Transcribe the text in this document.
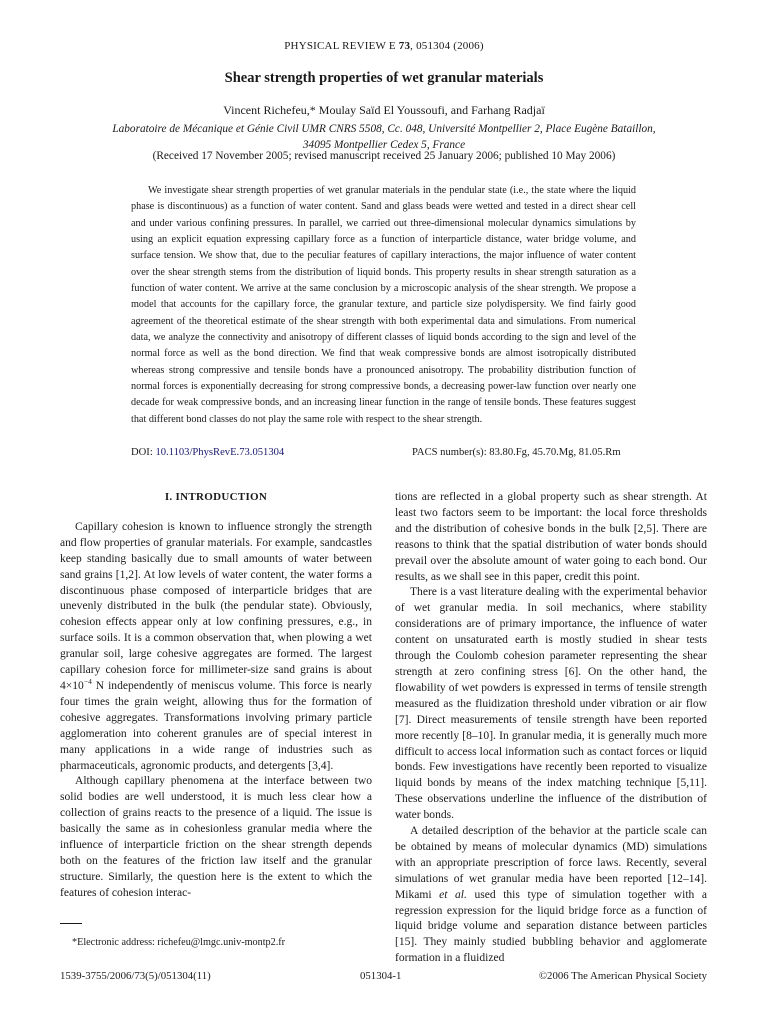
PHYSICAL REVIEW E 73, 051304 (2006)
Shear strength properties of wet granular materials
Vincent Richefeu,* Moulay Saïd El Youssoufi, and Farhang Radjaï
Laboratoire de Mécanique et Génie Civil UMR CNRS 5508, Cc. 048, Université Montpellier 2, Place Eugène Bataillon,
34095 Montpellier Cedex 5, France
(Received 17 November 2005; revised manuscript received 25 January 2006; published 10 May 2006)

We investigate shear strength properties of wet granular materials in the pendular state (i.e., the state where the liquid phase is discontinuous) as a function of water content. Sand and glass beads were wetted and tested in a direct shear cell and under various confining pressures. In parallel, we carried out three-dimensional molecular dynamics simulations by using an explicit equation expressing capillary force as a function of interparticle distance, water bridge volume, and surface tension. We show that, due to the peculiar features of capillary interactions, the major influence of water content over the shear strength stems from the distribution of liquid bonds. This property results in shear strength saturation as a function of water content. We arrive at the same conclusion by a microscopic analysis of the shear strength. We propose a model that accounts for the capillary force, the granular texture, and particle size polydispersity. We find fairly good agreement of the theoretical estimate of the shear strength with both experimental data and simulations. From numerical data, we analyze the connectivity and anisotropy of different classes of liquid bonds according to the sign and level of the normal force as well as the bond direction. We find that weak compressive bonds are almost isotropically distributed whereas strong compressive and tensile bonds have a pronounced anisotropy. The probability distribution function of normal forces is exponentially decreasing for strong compressive bonds, a decreasing power-law function over nearly one decade for weak compressive bonds, and an increasing linear function in the range of tensile bonds. These features suggest that different bond classes do not play the same role with respect to the shear strength.

DOI: 10.1103/PhysRevE.73.051304	PACS number(s): 83.80.Fg, 45.70.Mg, 81.05.Rm
I. INTRODUCTION

Capillary cohesion is known to influence strongly the strength and flow properties of granular materials. For example, sandcastles keep standing basically due to small amounts of water between sand grains [1,2]. At low levels of water content, the water forms a discontinuous phase composed of interparticle bridges that are unevenly distributed in the bulk (the pendular state). Obviously, cohesion effects appear only at low confining pressures, e.g., in surface soils. It is a common observation that, when plowing a wet granular soil, large cohesive aggregates are formed. The largest capillary cohesion force for millimeter-size sand grains is about $4\times 10^{-4}$ N independently of meniscus volume. This force is nearly four times the grain weight, allowing thus for the formation of cohesive aggregates. Transformations involving primary particle agglomeration into coherent granules are of special interest in many applications in a wide range of industries such as pharmaceuticals, agronomic products, and detergents [3,4].

Although capillary phenomena at the interface between two solid bodies are well understood, it is much less clear how a collection of grains reacts to the presence of a liquid. The issue is basically the same as in cohesionless granular media where the influence of interparticle friction on the shear strength depends both on the features of the friction law itself and the granular structure. Similarly, the question here is the extent to which the features of cohesion interac-

tions are reflected in a global property such as shear strength. At least two factors seem to be important: the local force thresholds and the distribution of cohesive bonds in the bulk [2,5]. There are reasons to think that the spatial distribution of water bonds should prevail over the absolute amount of water going to each bond. Our results, as we shall see in this paper, credit this point.

There is a vast literature dealing with the experimental behavior of wet granular media. In soil mechanics, where stability considerations are of primary importance, the influence of water content on unsaturated earth is mostly studied in shear tests through the Coulomb cohesion parameter representing the shear strength at zero confining stress [6]. On the other hand, the flowability of wet powders is expressed in terms of tensile strength measured as the fluidization threshold under vibration or air flow [7]. Direct measurements of tensile strength have been reported more recently [8–10]. In granular media, it is generally much more difficult to access local information such as contact forces or liquid bonds. Few investigations have recently been reported to visualize liquid bonds by means of the index matching technique [5,11]. These observations underline the influence of the distribution of water bonds.

A detailed description of the behavior at the particle scale can be obtained by means of molecular dynamics (MD) simulations with an appropriate prescription of force laws. Recently, several simulations of wet granular media have been reported [12–14]. Mikami et al. used this type of simulation together with a regression expression for the liquid bridge force as a function of liquid bridge volume and separation distance between particles [15]. They mainly studied bubbling behavior and agglomerate formation in a fluidized

*Electronic address: richefeu@lmgc.univ-montp2.fr
1539-3755/2006/73(5)/051304(11)	051304-1	©2006 The American Physical Society
